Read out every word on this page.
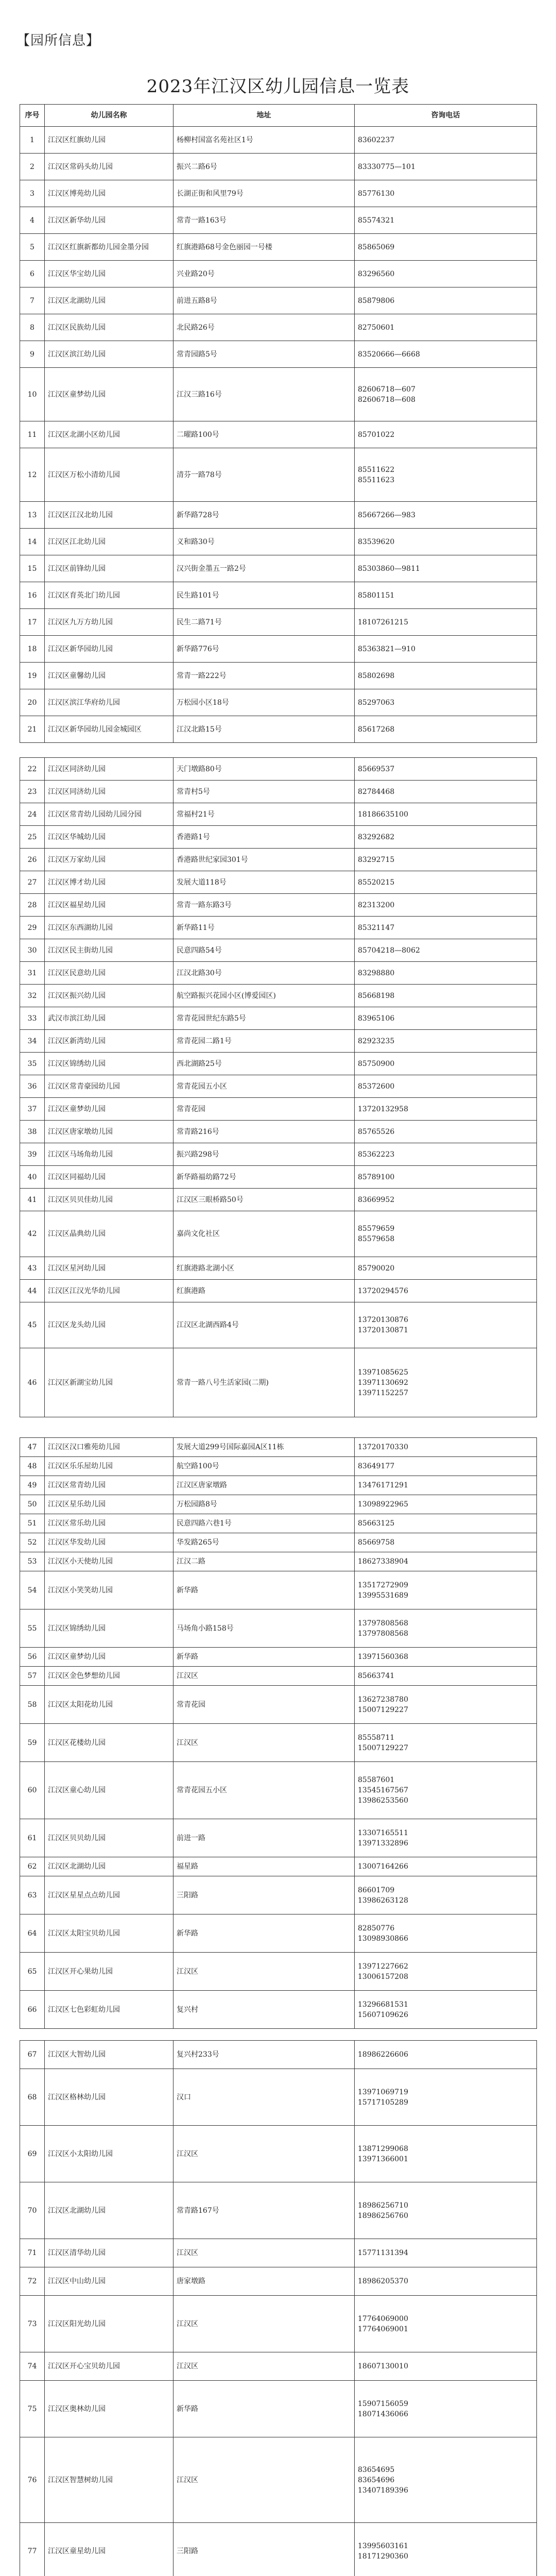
【园所信息】
2023年江汉区幼儿园信息一览表
序号	幼儿园名称	地址	咨询电话
1	江汉区红旗幼儿园	杨柳村国富名苑社区1号	83602237
2	江汉区常码头幼儿园	振兴二路6号	83330775—101
3	江汉区博苑幼儿园	长湖正街和风里79号	85776130
4	江汉区新华幼儿园	常青一路163号	85574321
5	江汉区红旗新都幼儿园金墨分园	红旗港路68号金色丽园一号楼	85865069
6	江汉区华宝幼儿园	兴业路20号	83296560
7	江汉区北湖幼儿园	前进五路8号	85879806
8	江汉区民族幼儿园	北民路26号	82750601
9	江汉区滨江幼儿园	常青园路5号	83520666—6668
10	江汉区童梦幼儿园	江汉三路16号	82606718—607
82606718—608
11	江汉区北湖小区幼儿园	二曜路100号	85701022
12	江汉区万松小清幼儿园	清芬一路78号	85511622
85511623
13	江汉区江汉北幼儿园	新华路728号	85667266—983
14	江汉区江北幼儿园	义和路30号	83539620
15	江汉区前锋幼儿园	汉兴街金墨五一路2号	85303860—9811
16	江汉区育英北门幼儿园	民生路101号	85801151
17	江汉区九万方幼儿园	民生二路71号	18107261215
18	江汉区新华园幼儿园	新华路776号	85363821—910
19	江汉区童馨幼儿园	常青一路222号	85802698
20	江汉区滨江华府幼儿园	万松园小区18号	85297063
21	江汉区新华园幼儿园金城园区	江汉北路15号	85617268
22	江汉区同济幼儿园	天门墩路80号	85669537
23	江汉区同济幼儿园	常青村5号	82784468
24	江汉区常青幼儿园幼儿园分园	常福村21号	18186635100
25	江汉区华城幼儿园	香港路1号	83292682
26	江汉区万家幼儿园	香港路世纪家园301号	83292715
27	江汉区博才幼儿园	发展大道118号	85520215
28	江汉区福星幼儿园	常青一路东路3号	82313200
29	江汉区东西湖幼儿园	新华路11号	85321147
30	江汉区民主街幼儿园	民意四路54号	85704218—8062
31	江汉区民意幼儿园	江汉北路30号	83298880
32	江汉区振兴幼儿园	航空路振兴花园小区(博爱园区)	85668198
33	武汉市滨江幼儿园	常青花园世纪东路5号	83965106
34	江汉区新湾幼儿园	常青花园二路1号	82923235
35	江汉区锦绣幼儿园	西北湖路25号	85750900
36	江汉区常青豪园幼儿园	常青花园五小区	85372600
37	江汉区童梦幼儿园	常青花园	13720132958
38	江汉区唐家墩幼儿园	常青路216号	85765526
39	江汉区马场角幼儿园	振兴路298号	85362223
40	江汉区同福幼儿园	新华路福幼路72号	85789100
41	江汉区贝贝佳幼儿园	江汉区三眼桥路50号	83669952
42	江汉区晶典幼儿园	嘉尚文化社区	85579659
85579658
43	江汉区星河幼儿园	红旗港路北湖小区	85790020
44	江汉区江汉光华幼儿园	红旗港路	13720294576
45	江汉区龙头幼儿园	江汉区北湖西路4号	13720130876
13720130871
46	江汉区新湖宝幼儿园	常青一路八号生活家园(二期)	13971085625
13971130692
13971152257
47	江汉区汉口雅苑幼儿园	发展大道299号国际嘉园A区11栋	13720170330
48	江汉区乐乐屋幼儿园	航空路100号	83649177
49	江汉区常青幼儿园	江汉区唐家墩路	13476171291
50	江汉区星乐幼儿园	万松园路8号	13098922965
51	江汉区常乐幼儿园	民意四路六巷1号	85663125
52	江汉区华发幼儿园	华发路265号	85669758
53	江汉区小天使幼儿园	江汉二路	18627338904
54	江汉区小笑笑幼儿园	新华路	13517272909
13995531689
55	江汉区锦绣幼儿园	马场角小路158号	13797808568
13797808568
56	江汉区童梦幼儿园	新华路	13971560368
57	江汉区金色梦想幼儿园	江汉区	85663741
58	江汉区太阳花幼儿园	常青花园	13627238780
15007129227
59	江汉区花楼幼儿园	江汉区	85558711
15007129227
60	江汉区童心幼儿园	常青花园五小区	85587601
13545167567
13986253560
61	江汉区贝贝幼儿园	前进一路	13307165511
13971332896
62	江汉区北湖幼儿园	福星路	13007164266
63	江汉区星星点点幼儿园	三阳路	86601709
13986263128
64	江汉区太阳宝贝幼儿园	新华路	82850776
13098930866
65	江汉区开心果幼儿园	江汉区	13971227662
13006157208
66	江汉区七色彩虹幼儿园	复兴村	13296681531
15607109626
67	江汉区大智幼儿园	复兴村233号	18986226606
68	江汉区格林幼儿园	汉口	13971069719
15717105289
69	江汉区小太阳幼儿园	江汉区	13871299068
13971366001
70	江汉区北湖幼儿园	常青路167号	18986256710
18986256760
71	江汉区清华幼儿园	江汉区	15771131394
72	江汉区中山幼儿园	唐家墩路	18986205370
73	江汉区阳光幼儿园	江汉区	17764069000
17764069001
74	江汉区开心宝贝幼儿园	江汉区	18607130010
75	江汉区奥林幼儿园	新华路	15907156059
18071436066
76	江汉区智慧树幼儿园	江汉区	83654695
83654696
13407189396
77	江汉区童星幼儿园	三阳路	13995603161
18171290360
